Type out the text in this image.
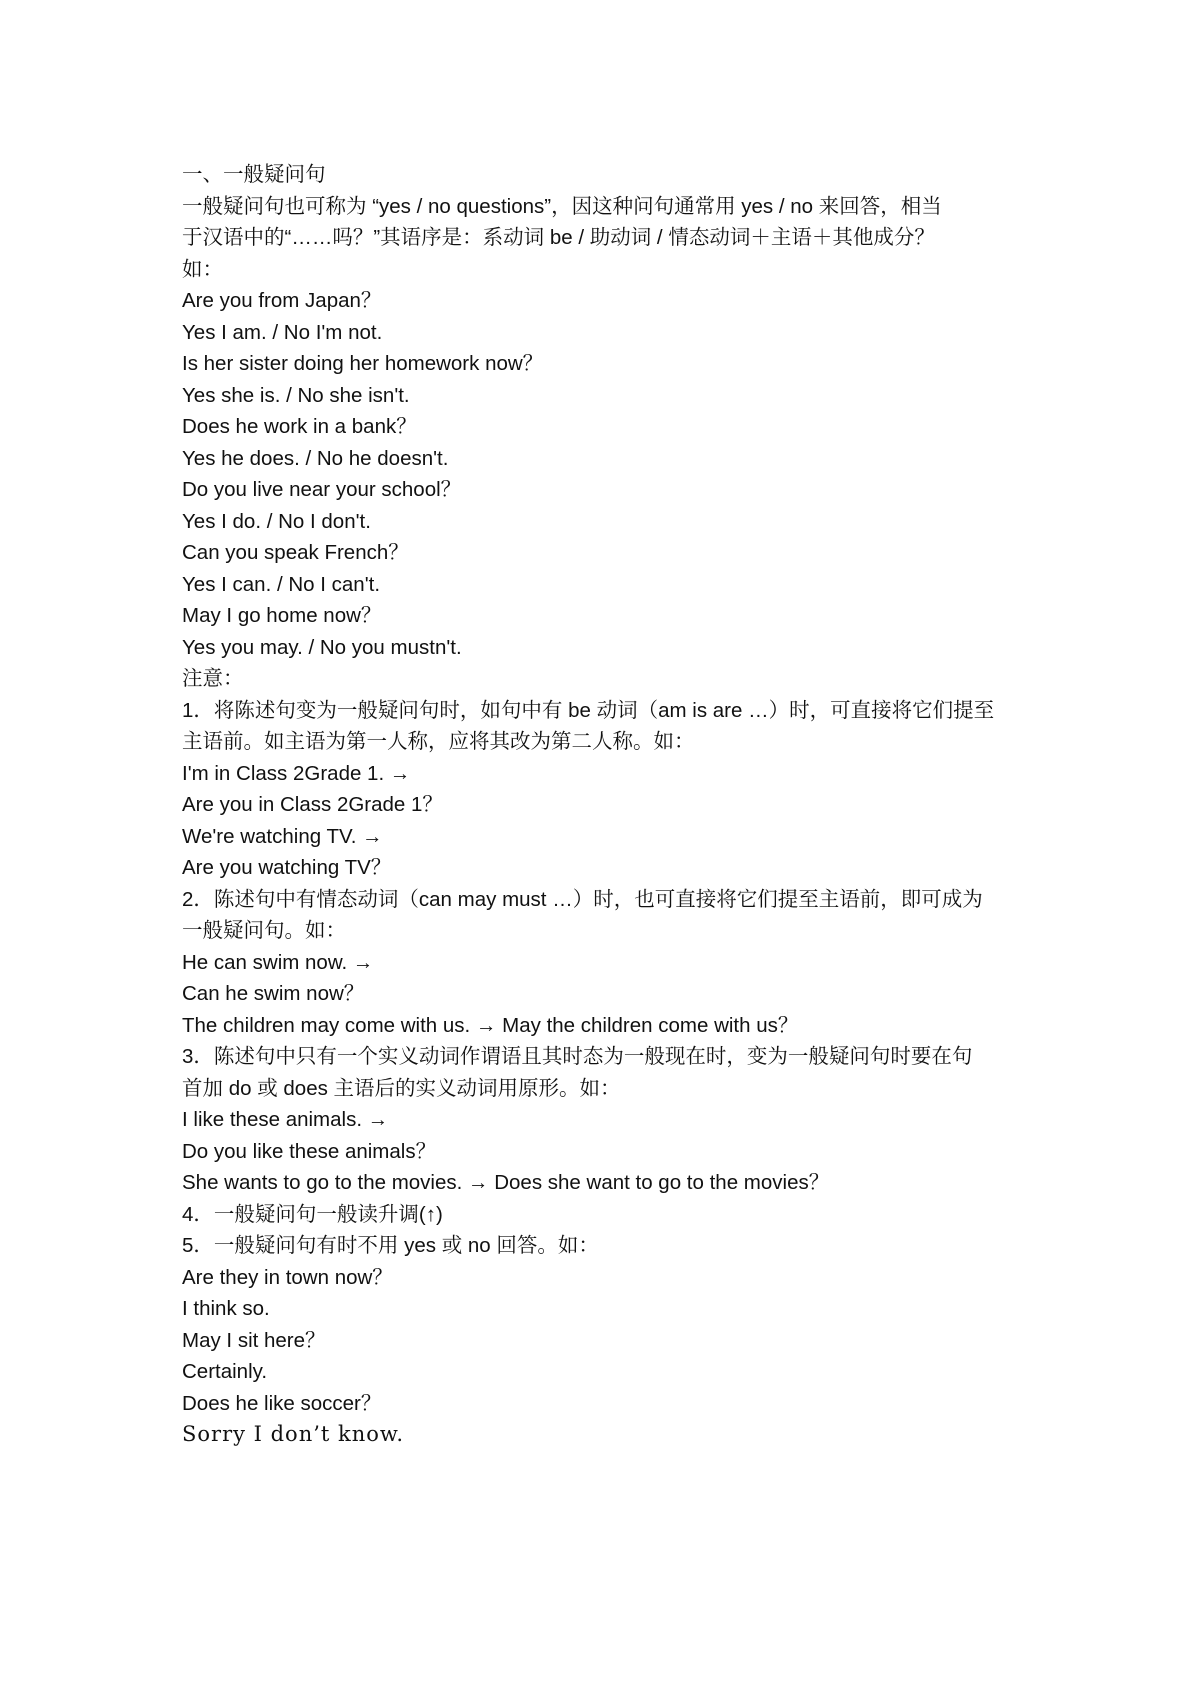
一、一般疑问句
一般疑问句也可称为 “yes / no questions”，因这种问句通常用 yes / no 来回答，相当
于汉语中的“……吗？”其语序是：系动词 be / 助动词 / 情态动词＋主语＋其他成分？
如：
Are you from Japan？
Yes I am. / No I'm not.
Is her sister doing her homework now？
Yes she is. / No she isn't.
Does he work in a bank？
Yes he does. / No he doesn't.
Do you live near your school？
Yes I do. / No I don't.
Can you speak French？
Yes I can. / No I can't.
May I go home now？
Yes you may. / No you mustn't.
注意：
1．将陈述句变为一般疑问句时，如句中有 be 动词（am is are …）时，可直接将它们提至
主语前。如主语为第一人称，应将其改为第二人称。如：
I'm in Class 2Grade 1. →
Are you in Class 2Grade 1？
We're watching TV. →
Are you watching TV？
2．陈述句中有情态动词（can may must …）时，也可直接将它们提至主语前，即可成为
一般疑问句。如：
He can swim now. →
Can he swim now？
The children may come with us. → May the children come with us？
3．陈述句中只有一个实义动词作谓语且其时态为一般现在时，变为一般疑问句时要在句
首加 do 或 does 主语后的实义动词用原形。如：
I like these animals. →
Do you like these animals？
She wants to go to the movies. → Does she want to go to the movies？
4．一般疑问句一般读升调(↑)
5．一般疑问句有时不用 yes 或 no 回答。如：
Are they in town now？
I think so.
May I sit here？
Certainly.
Does he like soccer？
Sorry I don’t know.
